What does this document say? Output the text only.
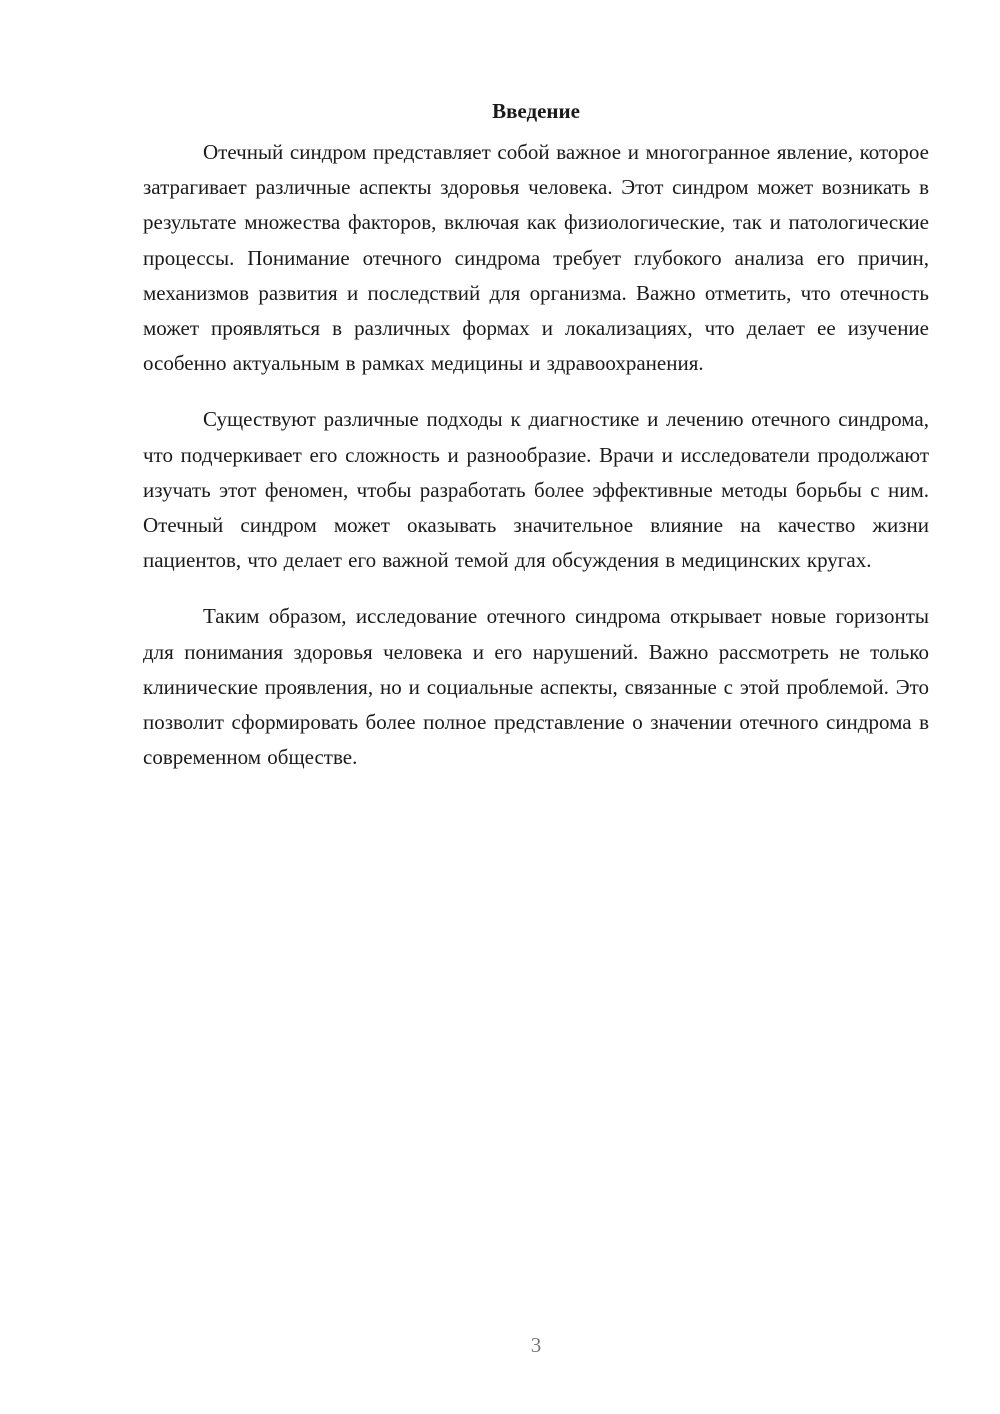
Введение

Отечный синдром представляет собой важное и многогранное явление, которое затрагивает различные аспекты здоровья человека. Этот синдром может возникать в результате множества факторов, включая как физиологические, так и патологические процессы. Понимание отечного синдрома требует глубокого анализа его причин, механизмов развития и последствий для организма. Важно отметить, что отечность может проявляться в различных формах и локализациях, что делает ее изучение особенно актуальным в рамках медицины и здравоохранения.

Существуют различные подходы к диагностике и лечению отечного синдрома, что подчеркивает его сложность и разнообразие. Врачи и исследователи продолжают изучать этот феномен, чтобы разработать более эффективные методы борьбы с ним. Отечный синдром может оказывать значительное влияние на качество жизни пациентов, что делает его важной темой для обсуждения в медицинских кругах.

Таким образом, исследование отечного синдрома открывает новые горизонты для понимания здоровья человека и его нарушений. Важно рассмотреть не только клинические проявления, но и социальные аспекты, связанные с этой проблемой. Это позволит сформировать более полное представление о значении отечного синдрома в современном обществе.

3
